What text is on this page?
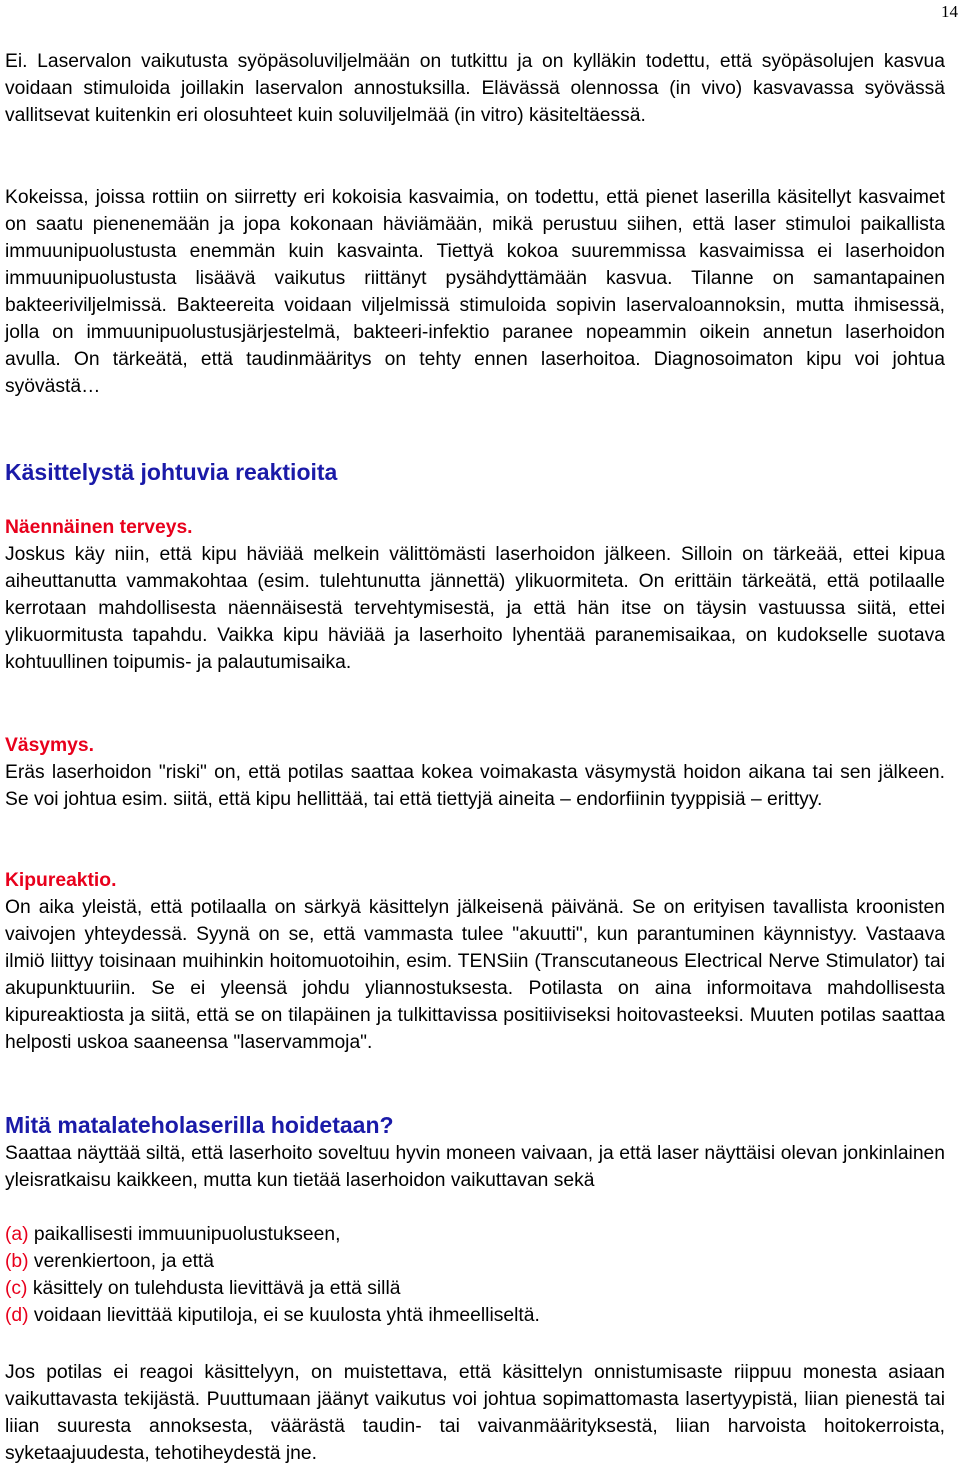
14

Ei. Laservalon vaikutusta syöpäsoluviljelmään on tutkittu ja on kylläkin todettu, että syöpäsolujen kasvua voidaan stimuloida joillakin laservalon annostuksilla. Elävässä olennossa (in vivo) kasvavassa syövässä vallitsevat kuitenkin eri olosuhteet kuin soluviljelmää (in vitro) käsiteltäessä.

Kokeissa, joissa rottiin on siirretty eri kokoisia kasvaimia, on todettu, että pienet laserilla käsitellyt kasvaimet on saatu pienenemään ja jopa kokonaan häviämään, mikä perustuu siihen, että laser stimuloi paikallista immuunipuolustusta enemmän kuin kasvainta. Tiettyä kokoa suuremmissa kasvaimissa ei laserhoidon immuunipuolustusta lisäävä vaikutus riittänyt pysähdyttämään kasvua. Tilanne on samantapainen bakteeriviljelmissä. Bakteereita voidaan viljelmissä stimuloida sopivin laservaloannoksin, mutta ihmisessä, jolla on immuunipuolustusjärjestelmä, bakteeri-infektio paranee nopeammin oikein annetun laserhoidon avulla. On tärkeätä, että taudinmääritys on tehty ennen laserhoitoa. Diagnosoimaton kipu voi johtua syövästä…

Käsittelystä johtuvia reaktioita
Näennäinen terveys.

Joskus käy niin, että kipu häviää melkein välittömästi laserhoidon jälkeen. Silloin on tärkeää, ettei kipua aiheuttanutta vammakohtaa (esim. tulehtunutta jännettä) ylikuormiteta. On erittäin tärkeätä, että potilaalle kerrotaan mahdollisesta näennäisestä tervehtymisestä, ja että hän itse on täysin vastuussa siitä, ettei ylikuormitusta tapahdu. Vaikka kipu häviää ja laserhoito lyhentää paranemisaikaa, on kudokselle suotava kohtuullinen toipumis- ja palautumisaika.

Väsymys.

Eräs laserhoidon "riski" on, että potilas saattaa kokea voimakasta väsymystä hoidon aikana tai sen jälkeen. Se voi johtua esim. siitä, että kipu hellittää, tai että tiettyjä aineita – endorfiinin tyyppisiä – erittyy.

Kipureaktio.

On aika yleistä, että potilaalla on särkyä käsittelyn jälkeisenä päivänä. Se on erityisen tavallista kroonisten vaivojen yhteydessä. Syynä on se, että vammasta tulee "akuutti", kun parantuminen käynnistyy. Vastaava ilmiö liittyy toisinaan muihinkin hoitomuotoihin, esim. TENSiin (Transcutaneous Electrical Nerve Stimulator) tai akupunktuuriin. Se ei yleensä johdu yliannostuksesta. Potilasta on aina informoitava mahdollisesta kipureaktiosta ja siitä, että se on tilapäinen ja tulkittavissa positiiviseksi hoitovasteeksi. Muuten potilas saattaa helposti uskoa saaneensa "laservammoja".

Mitä matalateholaserilla hoidetaan?

Saattaa näyttää siltä, että laserhoito soveltuu hyvin moneen vaivaan, ja että laser näyttäisi olevan jonkinlainen yleisratkaisu kaikkeen, mutta kun tietää laserhoidon vaikuttavan sekä

(a) paikallisesti immuunipuolustukseen,
(b) verenkiertoon, ja että
(c) käsittely on tulehdusta lievittävä ja että sillä
(d) voidaan lievittää kiputiloja, ei se kuulosta yhtä ihmeelliseltä.

Jos potilas ei reagoi käsittelyyn, on muistettava, että käsittelyn onnistumisaste riippuu monesta asiaan vaikuttavasta tekijästä. Puuttumaan jäänyt vaikutus voi johtua sopimattomasta lasertyypistä, liian pienestä tai liian suuresta annoksesta, väärästä taudin- tai vaivanmäärityksestä, liian harvoista hoitokerroista, syketaajuudesta, tehotiheydestä jne.
